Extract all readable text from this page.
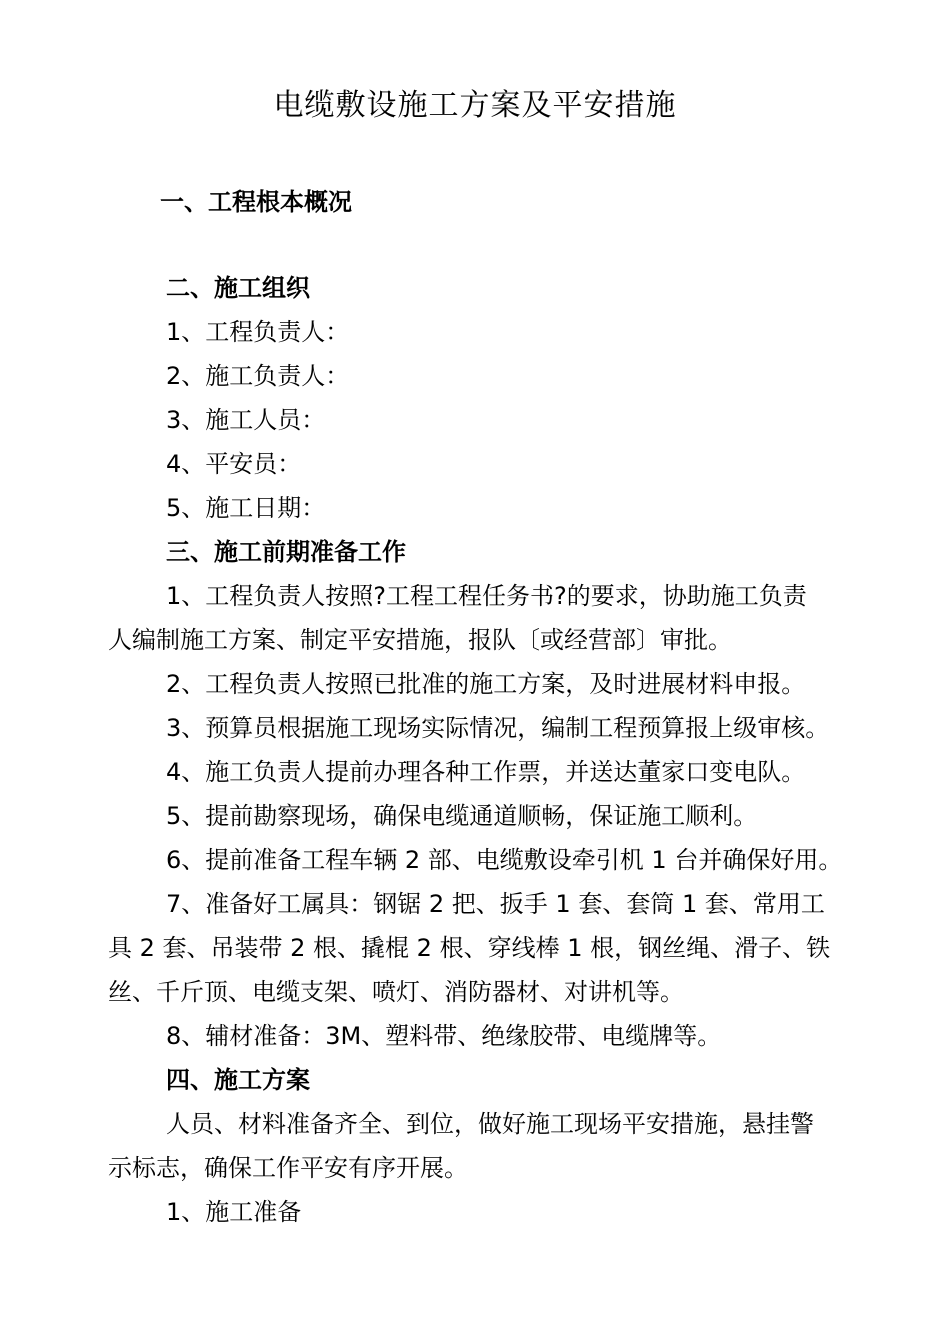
电缆敷设施工方案及平安措施

一、工程根本概况

二、施工组织

1、工程负责人：

2、施工负责人：

3、施工人员：

4、平安员：

5、施工日期：

三、施工前期准备工作

1、工程负责人按照?工程工程任务书?的要求，协助施工负责

人编制施工方案、制定平安措施，报队〔或经营部〕审批。

2、工程负责人按照已批准的施工方案，及时进展材料申报。

3、预算员根据施工现场实际情况，编制工程预算报上级审核。

4、施工负责人提前办理各种工作票，并送达董家口变电队。

5、提前勘察现场，确保电缆通道顺畅，保证施工顺利。

6、提前准备工程车辆 2 部、电缆敷设牵引机 1 台并确保好用。

7、准备好工属具：钢锯 2 把、扳手 1 套、套筒 1 套、常用工

具 2 套、吊装带 2 根、撬棍 2 根、穿线棒 1 根，钢丝绳、滑子、铁

丝、千斤顶、电缆支架、喷灯、消防器材、对讲机等。

8、辅材准备：3M、塑料带、绝缘胶带、电缆牌等。

四、施工方案

人员、材料准备齐全、到位，做好施工现场平安措施，悬挂警

示标志，确保工作平安有序开展。

1、施工准备
